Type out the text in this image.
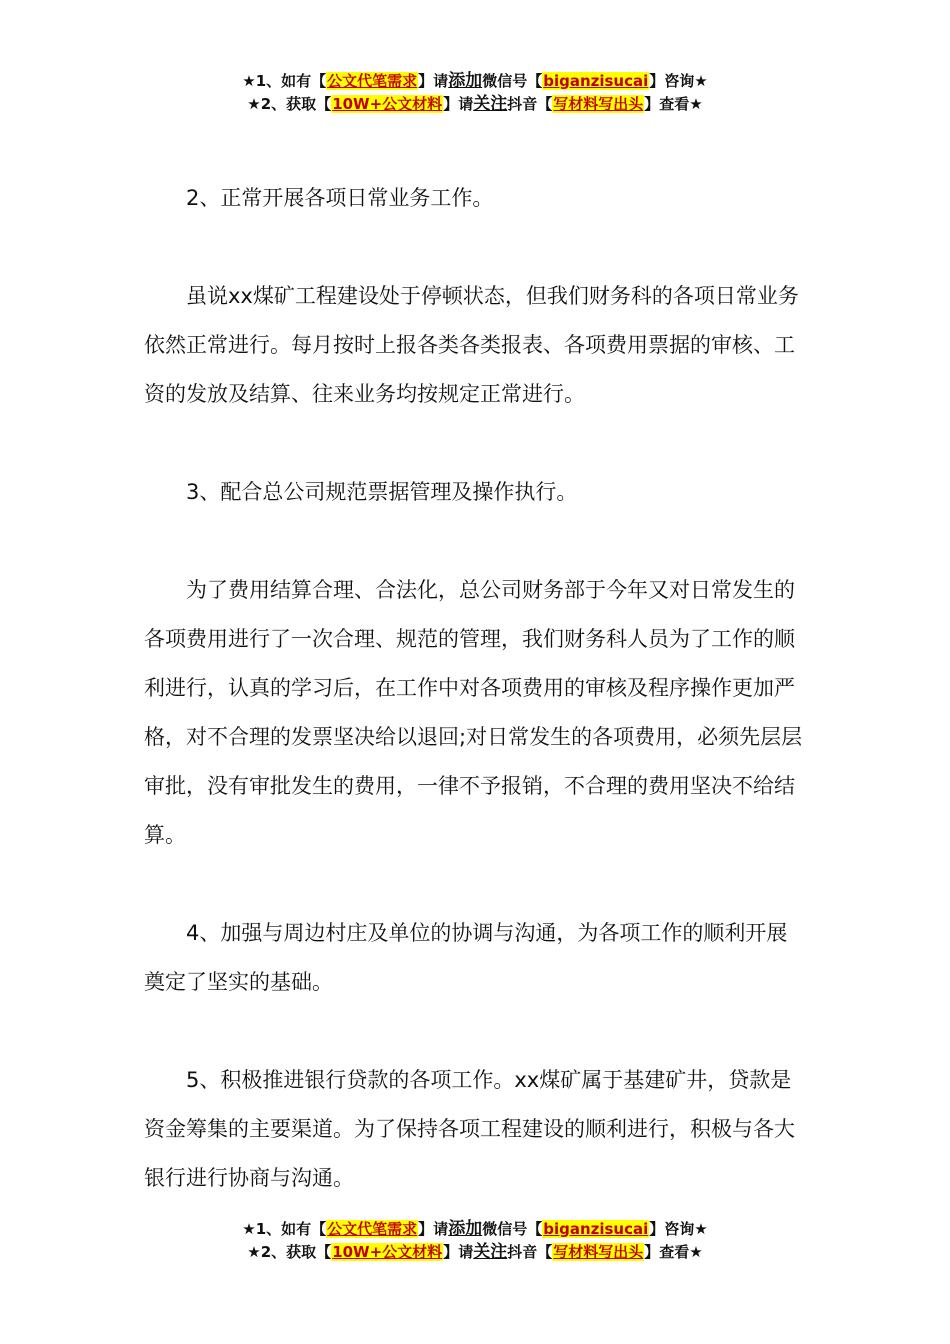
★1、如有【公文代笔需求】请添加微信号【biganzisucai】咨询★
★2、获取【10W+公文材料】请关注抖音【写材料写出头】查看★

2、正常开展各项日常业务工作。

虽说xx煤矿工程建设处于停顿状态，但我们财务科的各项日常业务依然正常进行。每月按时上报各类各类报表、各项费用票据的审核、工资的发放及结算、往来业务均按规定正常进行。

3、配合总公司规范票据管理及操作执行。

为了费用结算合理、合法化，总公司财务部于今年又对日常发生的各项费用进行了一次合理、规范的管理，我们财务科人员为了工作的顺利进行，认真的学习后，在工作中对各项费用的审核及程序操作更加严格，对不合理的发票坚决给以退回;对日常发生的各项费用，必须先层层审批，没有审批发生的费用，一律不予报销，不合理的费用坚决不给结算。

4、加强与周边村庄及单位的协调与沟通，为各项工作的顺利开展奠定了坚实的基础。

5、积极推进银行贷款的各项工作。xx煤矿属于基建矿井，贷款是资金筹集的主要渠道。为了保持各项工程建设的顺利进行，积极与各大银行进行协商与沟通。

★1、如有【公文代笔需求】请添加微信号【biganzisucai】咨询★
★2、获取【10W+公文材料】请关注抖音【写材料写出头】查看★
